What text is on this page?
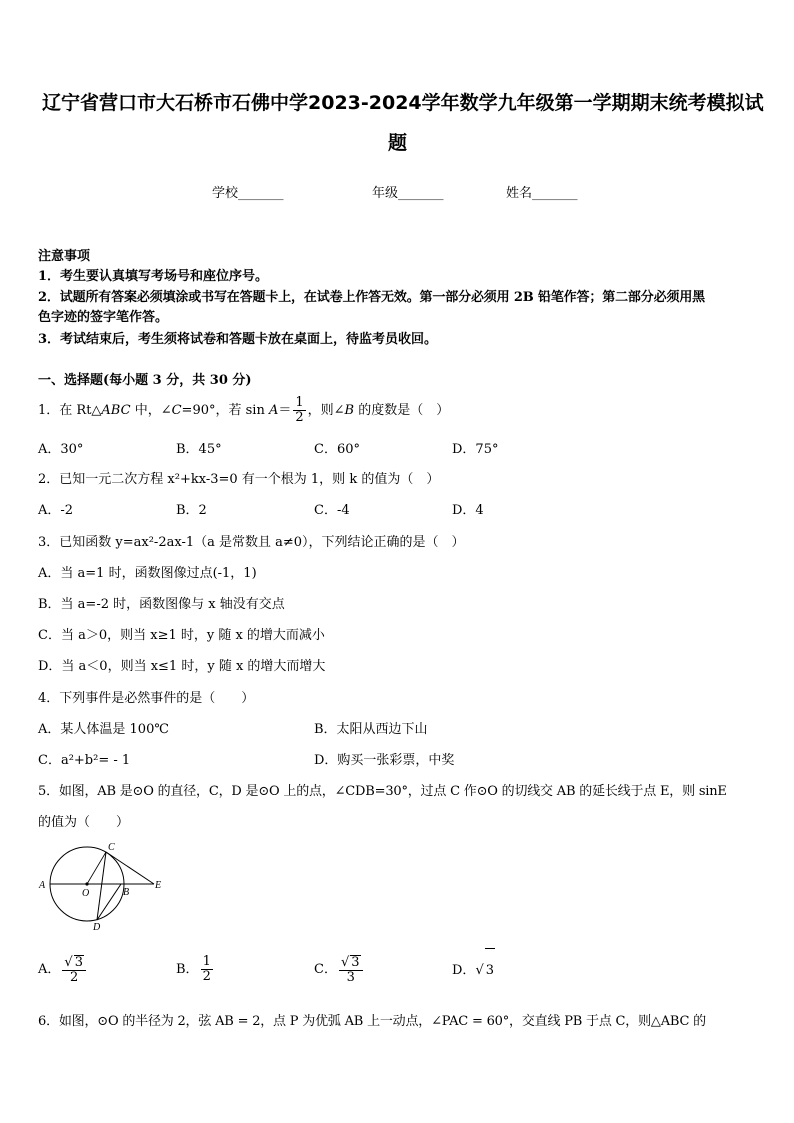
辽宁省营口市大石桥市石佛中学2023-2024学年数学九年级第一学期期末统考模拟试
题
学校_______	年级_______	姓名_______
注意事项
1．考生要认真填写考场号和座位序号。
2．试题所有答案必须填涂或书写在答题卡上，在试卷上作答无效。第一部分必须用 2B 铅笔作答；第二部分必须用黑
色字迹的签字笔作答。
3．考试结束后，考生须将试卷和答题卡放在桌面上，待监考员收回。
一、选择题(每小题 3 分，共 30 分)
1．在 Rt△ABC 中，∠C=90°，若 $\sin A= \frac{1}{2}$ ，则∠B 的度数是（　）
A．30°	B．45°	C．60°	D．75°
2．已知一元二次方程 x²+kx-3=0 有一个根为 1，则 k 的值为（　）
A．-2	B．2	C．-4	D．4
3．已知函数 y=ax²-2ax-1（a 是常数且 a≠0），下列结论正确的是（　）
A．当 a=1 时，函数图像过点(-1，1)
B．当 a=-2 时，函数图像与 x 轴没有交点
C．当 a＞0，则当 x≥1 时，y 随 x 的增大而减小
D．当 a＜0，则当 x≤1 时，y 随 x 的增大而增大
4．下列事件是必然事件的是（　　）
A．某人体温是 100℃	B．太阳从西边下山
C．a²+b²= - 1	D．购买一张彩票，中奖
5．如图，AB 是⊙O 的直径，C，D 是⊙O 上的点，∠CDB=30°，过点 C 作⊙O 的切线交 AB 的延长线于点 E，则 sinE
的值为（　　）
A
O	B
E
C
D
A． $\frac{√ 3}{2}$	B． $\frac{1}{2}$	C． $\frac{√ 3}{3}$	D．√ 3
6．如图，⊙O 的半径为 2，弦 AB = 2，点 P 为优弧 AB 上一动点，∠PAC = 60°，交直线 PB 于点 C，则△ABC 的
